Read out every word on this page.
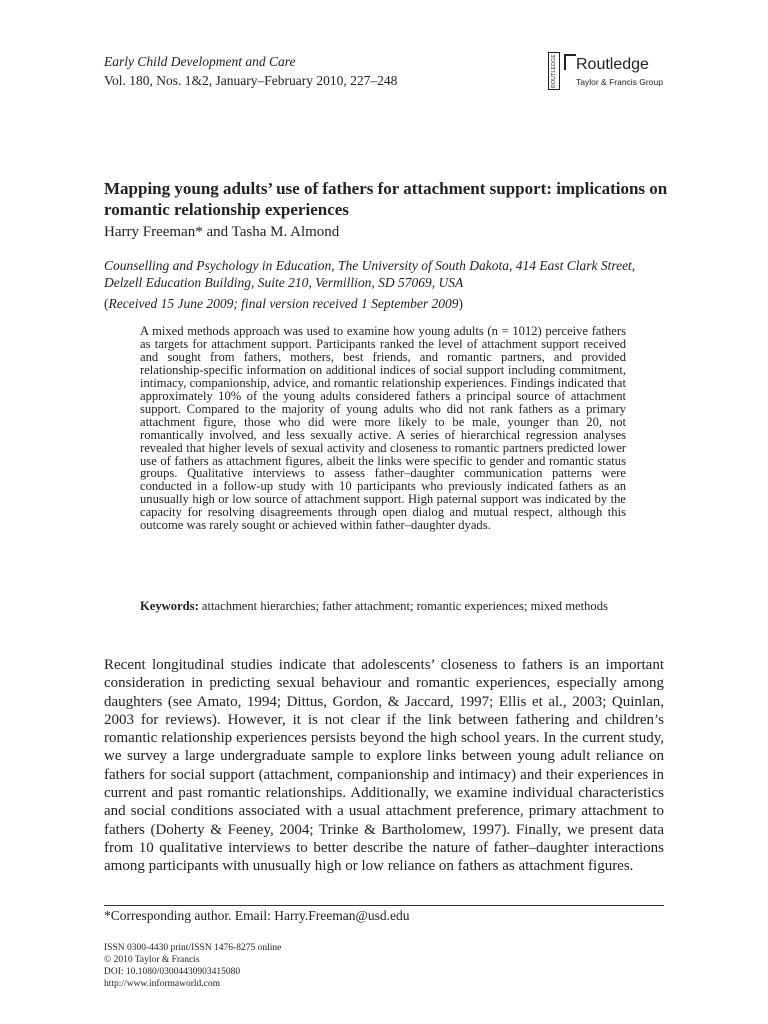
Early Child Development and Care
Vol. 180, Nos. 1&2, January–February 2010, 227–248	ROUTLEDGE Routledge
Taylor & Francis Group
Mapping young adults’ use of fathers for attachment support: implications on romantic relationship experiences
Harry Freeman* and Tasha M. Almond
Counselling and Psychology in Education, The University of South Dakota, 414 East Clark Street, Delzell Education Building, Suite 210, Vermillion, SD 57069, USA
(Received 15 June 2009; final version received 1 September 2009)
A mixed methods approach was used to examine how young adults (n = 1012) perceive fathers as targets for attachment support. Participants ranked the level of attachment support received and sought from fathers, mothers, best friends, and romantic partners, and provided relationship-specific information on additional indices of social support including commitment, intimacy, companionship, advice, and romantic relationship experiences. Findings indicated that approximately 10% of the young adults considered fathers a principal source of attachment support. Compared to the majority of young adults who did not rank fathers as a primary attachment figure, those who did were more likely to be male, younger than 20, not romantically involved, and less sexually active. A series of hierarchical regression analyses revealed that higher levels of sexual activity and closeness to romantic partners predicted lower use of fathers as attachment figures, albeit the links were specific to gender and romantic status groups. Qualitative interviews to assess father–daughter communication patterns were conducted in a follow-up study with 10 participants who previously indicated fathers as an unusually high or low source of attachment support. High paternal support was indicated by the capacity for resolving disagreements through open dialog and mutual respect, although this outcome was rarely sought or achieved within father–daughter dyads.
Keywords: attachment hierarchies; father attachment; romantic experiences; mixed methods
Recent longitudinal studies indicate that adolescents’ closeness to fathers is an important consideration in predicting sexual behaviour and romantic experiences, especially among daughters (see Amato, 1994; Dittus, Gordon, & Jaccard, 1997; Ellis et al., 2003; Quinlan, 2003 for reviews). However, it is not clear if the link between fathering and children’s romantic relationship experiences persists beyond the high school years. In the current study, we survey a large undergraduate sample to explore links between young adult reliance on fathers for social support (attachment, companionship and intimacy) and their experiences in current and past romantic relationships. Additionally, we examine individual characteristics and social conditions associated with a usual attachment preference, primary attachment to fathers (Doherty & Feeney, 2004; Trinke & Bartholomew, 1997). Finally, we present data from 10 qualitative interviews to better describe the nature of father–daughter interactions among participants with unusually high or low reliance on fathers as attachment figures.
*Corresponding author. Email: Harry.Freeman@usd.edu
ISSN 0300-4430 print/ISSN 1476-8275 online
© 2010 Taylor & Francis
DOI: 10.1080/03004430903415080
http://www.informaworld.com
